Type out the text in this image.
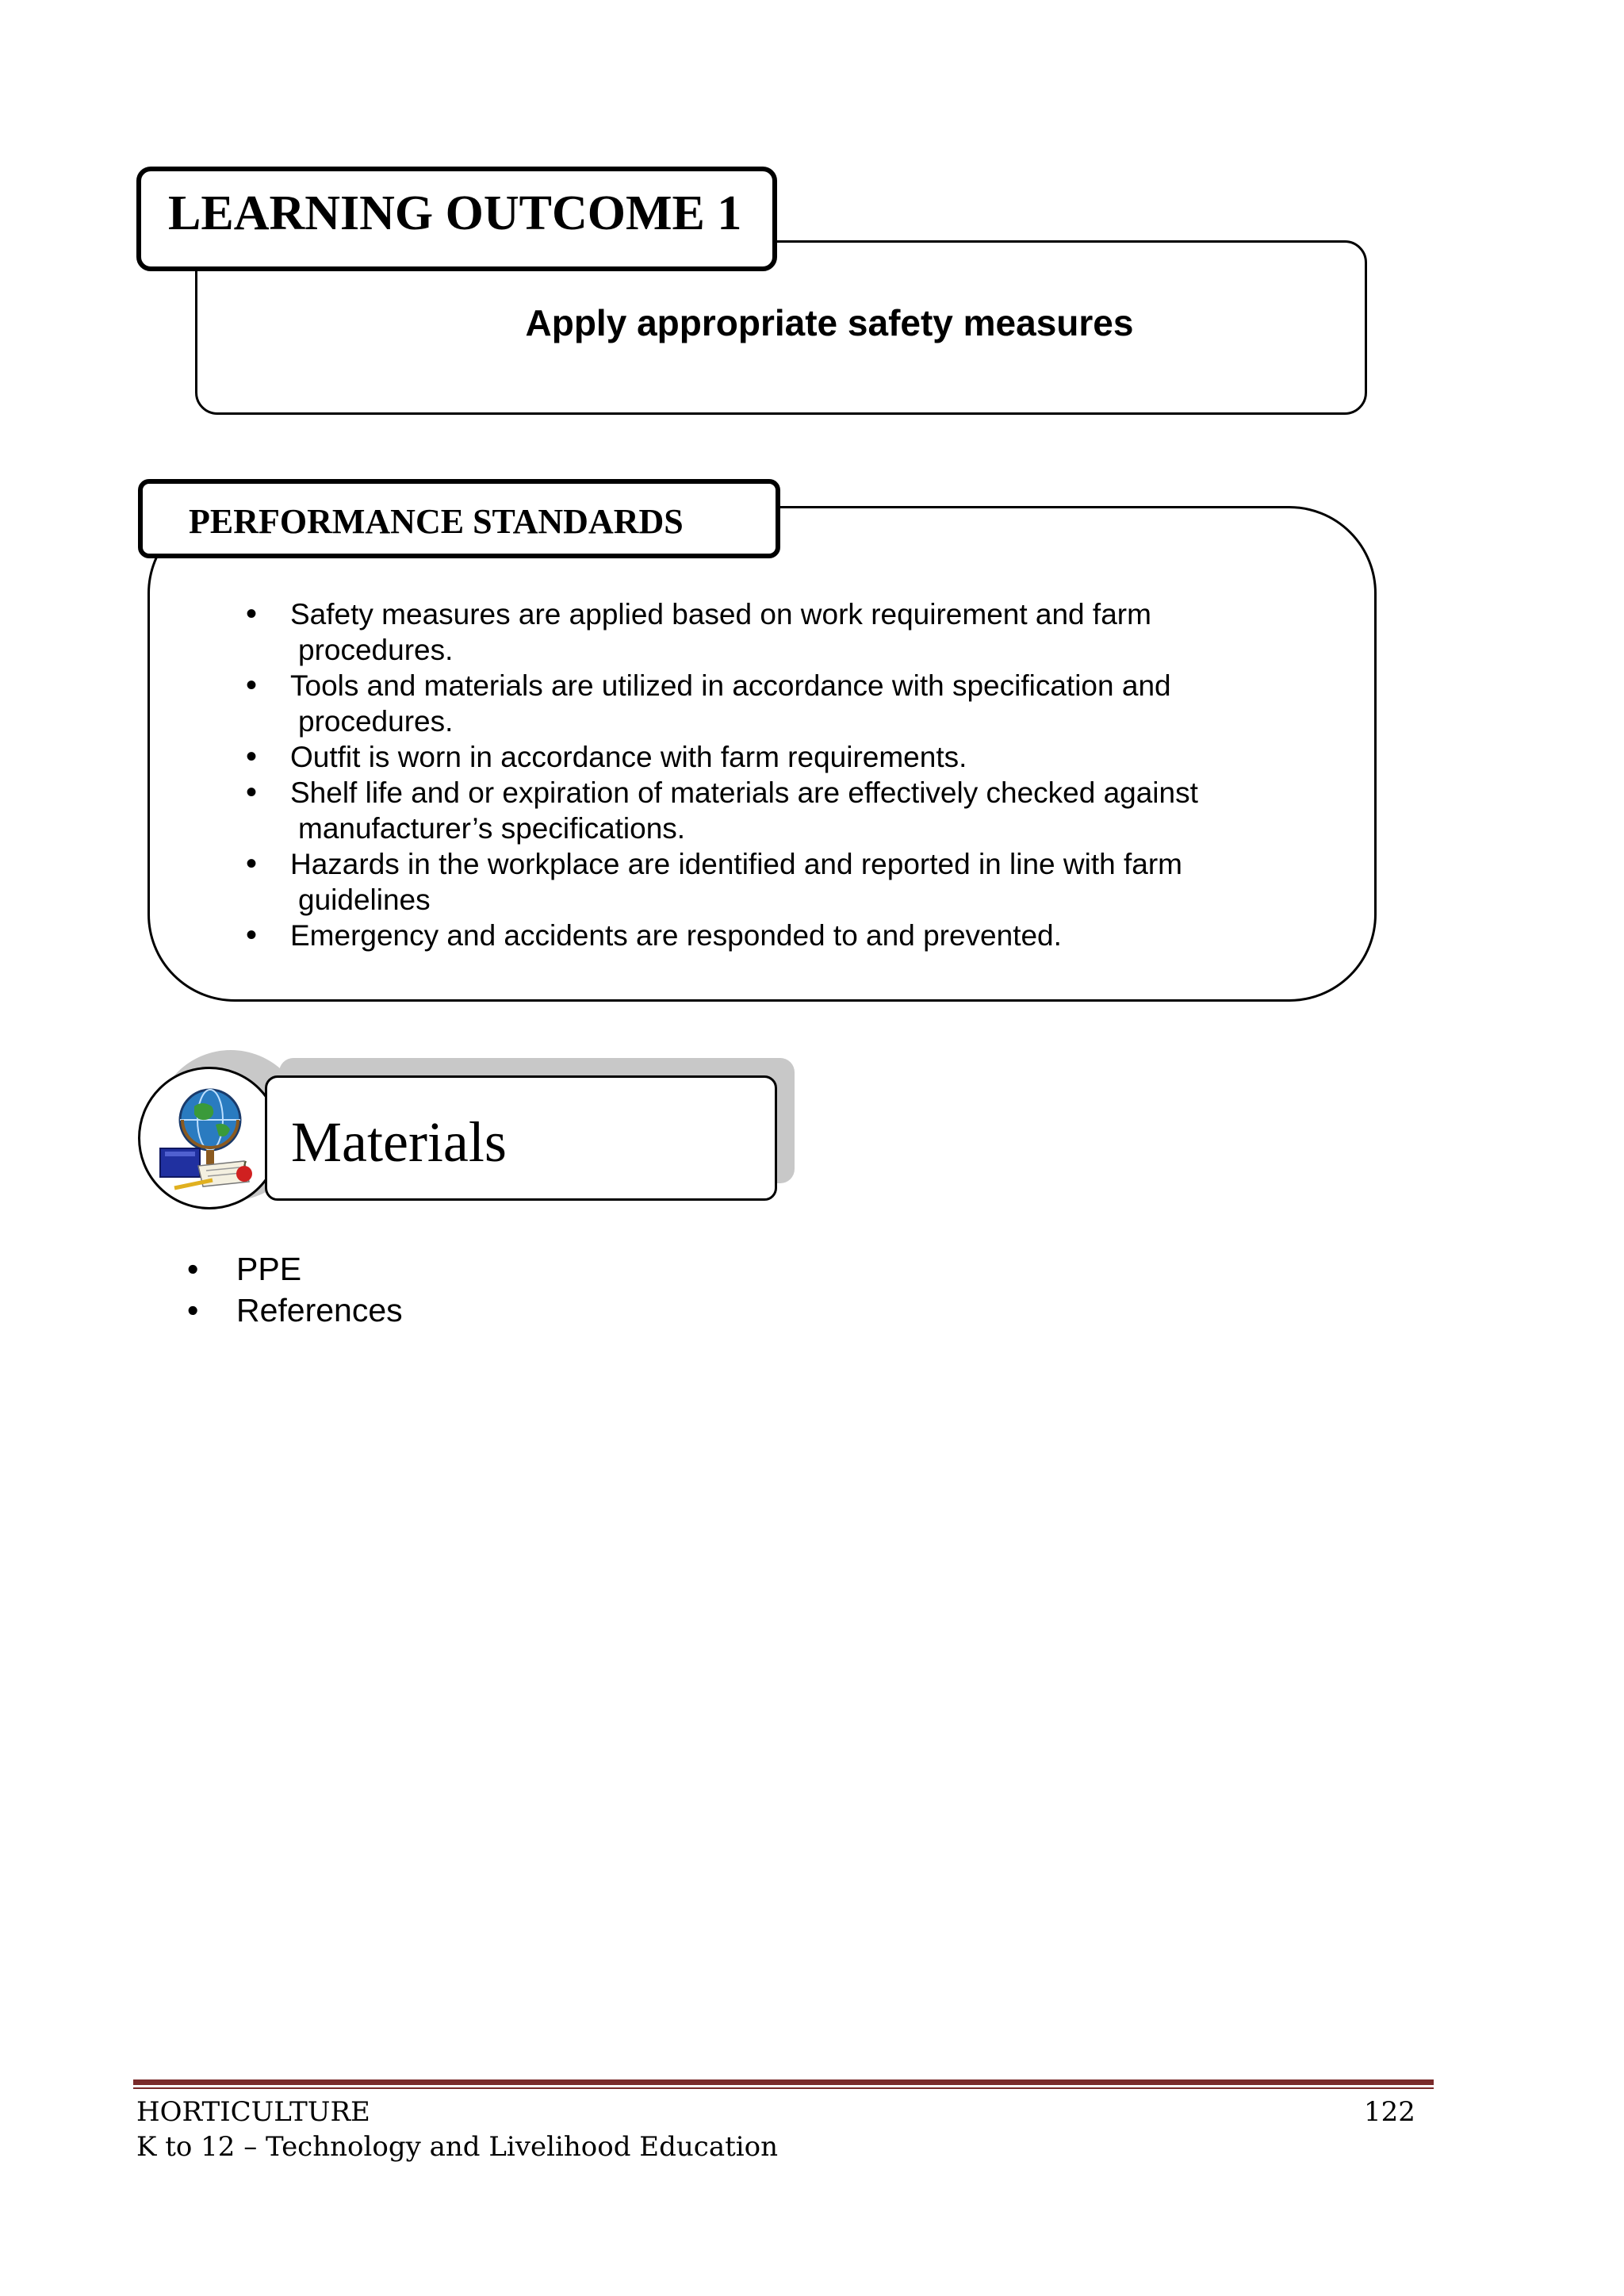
Apply appropriate safety measures
LEARNING OUTCOME 1
PERFORMANCE STANDARDS
• Safety measures are applied based on work requirement and farm
procedures.
• Tools and materials are utilized in accordance with specification and
procedures.
• Outfit is worn in accordance with farm requirements.
• Shelf life and or expiration of materials are effectively checked against
manufacturer’s specifications.
• Hazards in the workplace are identified and reported in line with farm
guidelines
• Emergency and accidents are responded to and prevented.
Materials
• PPE
• References
HORTICULTURE
K to 12 – Technology and Livelihood Education
122
